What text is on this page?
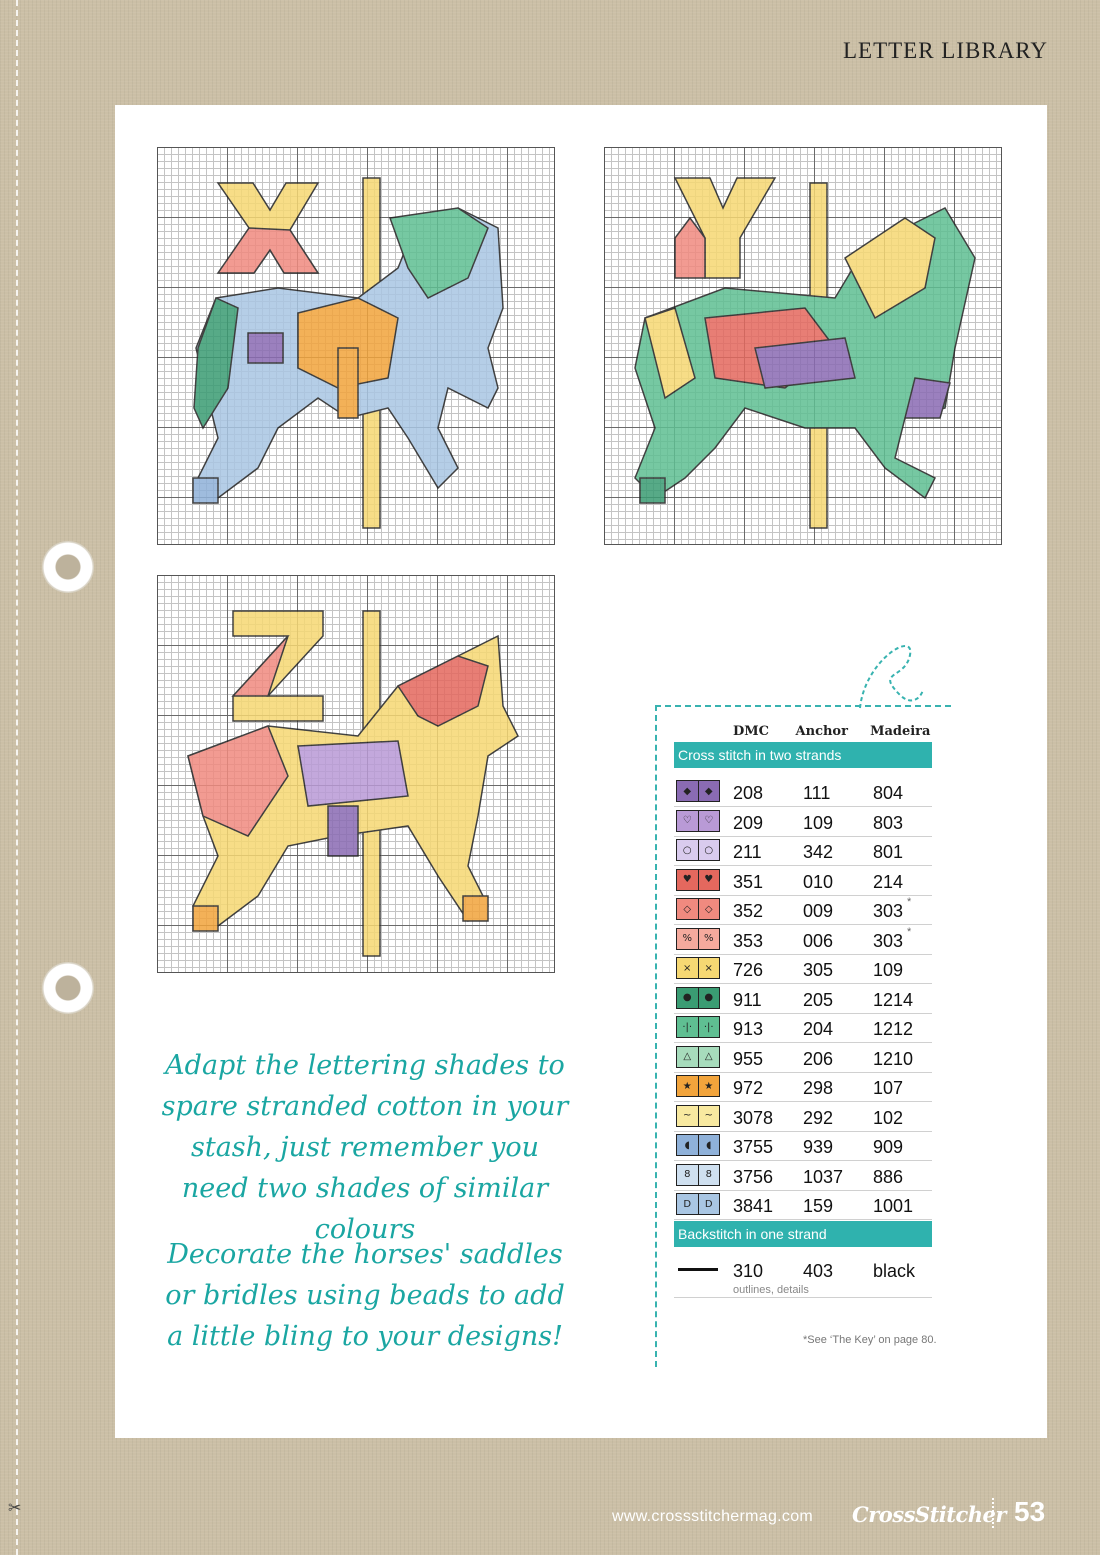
✂
LETTER LIBRARY
Adapt the lettering shades to spare stranded cotton in your stash, just remember you need two shades of similar colours
Decorate the horses' saddles or bridles using beads to add a little bling to your designs!
DMC Anchor Madeira
Cross stitch in two strands
◆	◆	208 111 804
♡	♡	209 109 803
○	○	211 342 801
♥	♥	351 010 214
◇	◇	352 009 303 *
%	%	353 006 303 *
×	×	726 305 109
●	●	911 205 1214
·|·	·|· 913 204 1212
△	△	955 206 1210
★	★	972 298 107
~	~	3078 292 102
◖	◖	3755 939 909
8	8	3756 1037 886
D	D	3841 159 1001
Backstitch in one strand
310 403 black
outlines, details
*See ‘The Key’ on page 80.
www.crossstitchermag.com CrossStitcher 53
